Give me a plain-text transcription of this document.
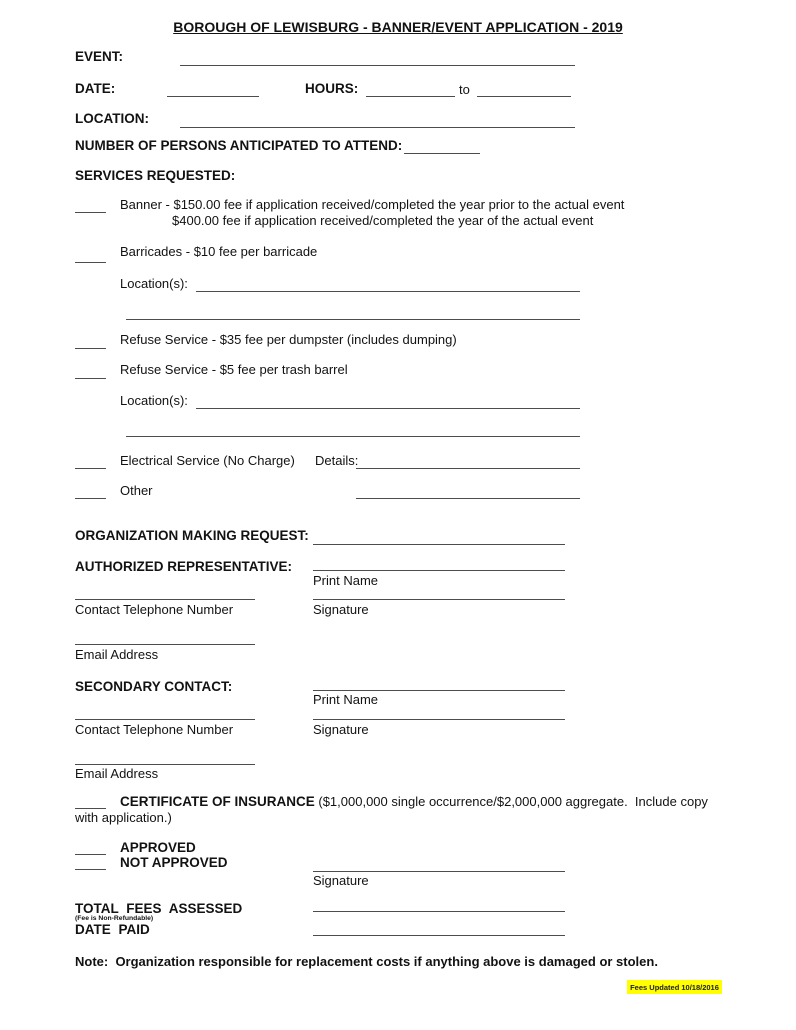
BOROUGH OF LEWISBURG - BANNER/EVENT APPLICATION - 2019
EVENT:
DATE:	HOURS:	to
LOCATION:
NUMBER OF PERSONS ANTICIPATED TO ATTEND:
SERVICES REQUESTED:
Banner - $150.00 fee if application received/completed the year prior to the actual event
$400.00 fee if application received/completed the year of the actual event
Barricades - $10 fee per barricade
Location(s):
Refuse Service - $35 fee per dumpster (includes dumping)
Refuse Service - $5 fee per trash barrel
Location(s):
Electrical Service (No Charge) Details:
Other
ORGANIZATION MAKING REQUEST:
AUTHORIZED REPRESENTATIVE:
Print Name
Contact Telephone Number	Signature
Email Address
SECONDARY CONTACT:
Print Name
Contact Telephone Number	Signature
Email Address
CERTIFICATE OF INSURANCE ($1,000,000 single occurrence/$2,000,000 aggregate.  Include copy
with application.)
APPROVED
NOT APPROVED
Signature
TOTAL FEES ASSESSED
(Fee is Non-Refundable)
DATE PAID
Note:  Organization responsible for replacement costs if anything above is damaged or stolen.
Fees Updated 10/18/2016
